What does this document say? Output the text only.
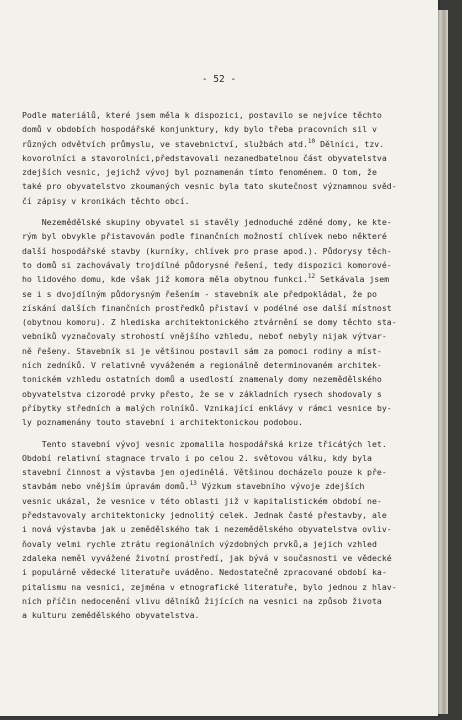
- 52 -
Podle materiálů, které jsem měla k dispozici, postavilo se nejvíce těchto
domů v obdobích hospodářské konjunktury, kdy bylo třeba pracovních sil v
různých odvětvích průmyslu, ve stavebnictví, službách atd.$^{10}$ Dělníci, tzv.
kovorolníci a stavorolníci,představovali nezanedbatelnou část obyvatelstva
zdejších vesnic, jejichž vývoj byl poznamenán tímto fenoménem. O tom, že
také pro obyvatelstvo zkoumaných vesnic byla tato skutečnost významnou svěd-
čí zápisy v kronikách těchto obcí.
Nezemědělské skupiny obyvatel si stavěly jednoduché zděné domy, ke kte-
rým byl obvykle přistavován podle finančních možností chlívek nebo některé
další hospodářské stavby (kurníky, chlívek pro prase apod.). Půdorysy těch-
to domů si zachovávaly trojdílné půdorysné řešení, tedy dispozici komorové-
ho lidového domu, kde však již komora měla obytnou funkci.$^{12}$ Setkávala jsem
se i s dvojdílným půdorysným řešením - stavebník ale předpokládal, že po
získání dalších finančních prostředků přistaví v podélné ose další místnost
(obytnou komoru). Z hlediska architektonického ztvárnění se domy těchto sta-
vebníků vyznačovaly strohostí vnějšího vzhledu, neboť nebyly nijak výtvar-
ně řešeny. Stavebník si je většinou postavil sám za pomoci rodiny a míst-
ních zedníků. V relativně vyváženém a regionálně determinovaném architek-
tonickém vzhledu ostatních domů a usedlostí znamenaly domy nezemědělského
obyvatelstva cizorodé prvky přesto, že se v základních rysech shodovaly s
příbytky středních a malých rolníků. Vznikající enklávy v rámci vesnice by-
ly poznamenány touto stavební i architektonickou podobou.
Tento stavební vývoj vesnic zpomalila hospodářská krize třicátých let.
Období relativní stagnace trvalo i po celou 2. světovou válku, kdy byla
stavební činnost a výstavba jen ojedinělá. Většinou docházelo pouze k pře-
stavbám nebo vnějším úpravám domů.$^{13}$ Výzkum stavebního vývoje zdejších
vesnic ukázal, že vesnice v této oblasti již v kapitalistickém období ne-
představovaly architektonicky jednolitý celek. Jednak časté přestavby, ale
i nová výstavba jak u zemědělského tak i nezemědělského obyvatelstva ovliv-
ňovaly velmi rychle ztrátu regionálních výzdobných prvků,a jejich vzhled
zdaleka neměl vyvážené životní prostředí, jak bývá v současnosti ve vědecké
i populárně vědecké literatuře uváděno. Nedostatečně zpracované období ka-
pitalismu na vesnici, zejména v etnografické literatuře, bylo jednou z hlav-
ních příčin nedocenění vlivu dělníků žijících na vesnici na způsob života
a kulturu zemědělského obyvatelstva.
